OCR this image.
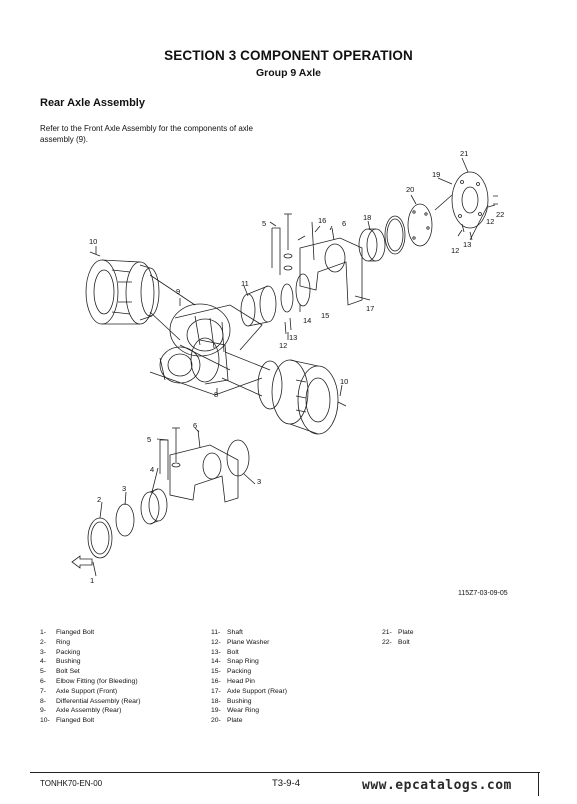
SECTION 3 COMPONENT OPERATION
Group 9 Axle
Rear Axle Assembly
Refer to the Front Axle Assembly for the components of axle assembly (9).
21
19
20
22
12
12
13
18
16 6
5
10
11
15
17
9
14
13
12
8
10
5
6
4
3
2
3
1
115Z7-03-09-05
1- Flanged Bolt
2- Ring
3- Packing
4- Bushing
5- Bolt Set
6- Elbow Fitting (for Bleeding)
7- Axle Support (Front)
8- Differential Assembly (Rear)
9- Axle Assembly (Rear)
10- Flanged Bolt
11- Shaft
12- Plane Washer
13- Bolt
14- Snap Ring
15- Packing
16- Head Pin
17- Axle Support (Rear)
18- Bushing
19- Wear Ring
20- Plate
21- Plate
22- Bolt
TONHK70-EN-00	T3-9-4	www.epcatalogs.com
